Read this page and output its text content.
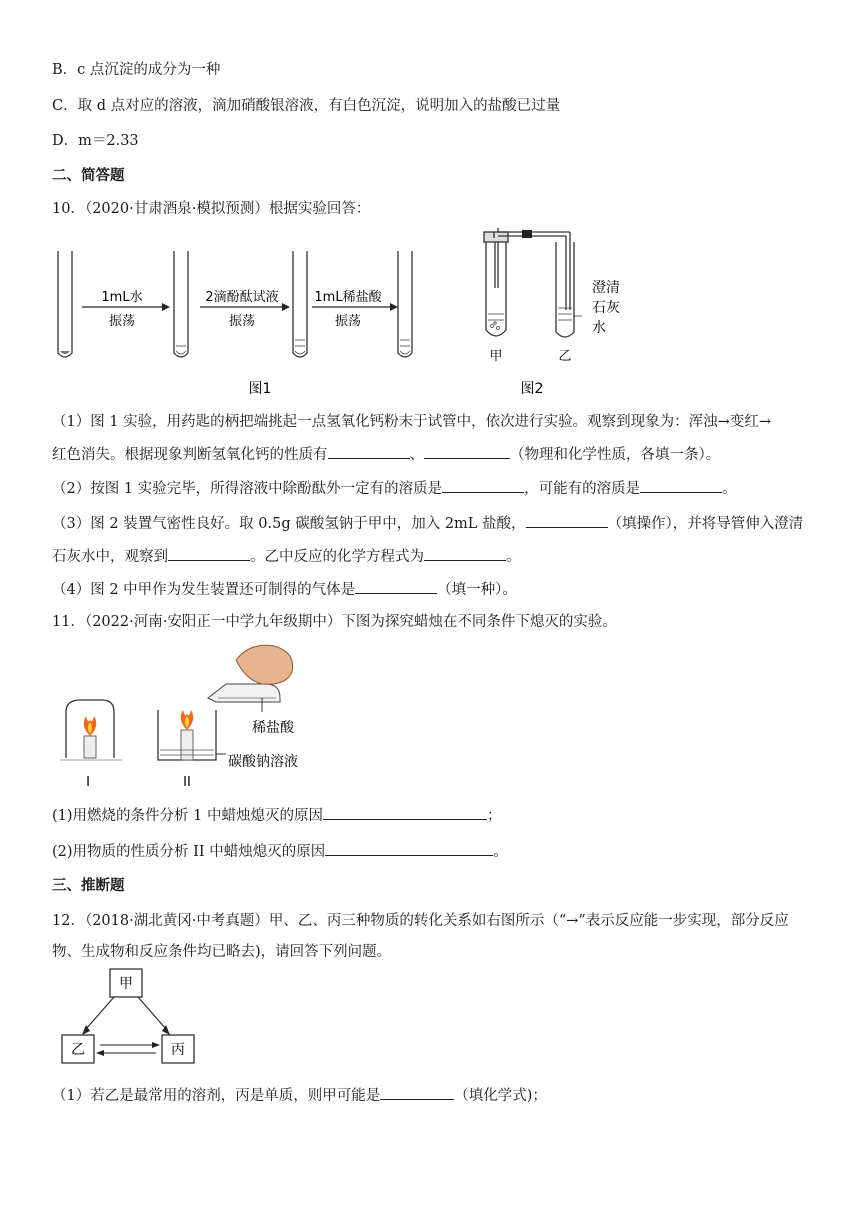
B．c 点沉淀的成分为一种
C．取 d 点对应的溶液，滴加硝酸银溶液，有白色沉淀，说明加入的盐酸已过量
D．m＝2.33
二、简答题
10．（2020·甘肃酒泉·模拟预测）根据实验回答：
1mL水
振荡
2滴酚酞试液
振荡
1mL稀盐酸
振荡
图1
澄清
石灰
水
甲	乙
图2
（1）图 1 实验，用药匙的柄把端挑起一点氢氧化钙粉末于试管中，依次进行实验。观察到现象为：浑浊→变红→
红色消失。根据现象判断氢氧化钙的性质有	、	（物理和化学性质，各填一条）。
（2）按图 1 实验完毕，所得溶液中除酚酞外一定有的溶质是	，可能有的溶质是	。
（3）图 2 装置气密性良好。取 0.5g 碳酸氢钠于甲中，加入 2mL 盐酸，	（填操作），并将导管伸入澄清
石灰水中，观察到	。乙中反应的化学方程式为	。
（4）图 2 中甲作为发生装置还可制得的气体是	（填一种）。
11．（2022·河南·安阳正一中学九年级期中）下图为探究蜡烛在不同条件下熄灭的实验。
稀盐酸
碳酸钠溶液
I	II
(1)用燃烧的条件分析 1 中蜡烛熄灭的原因	；
(2)用物质的性质分析 II 中蜡烛熄灭的原因	。
三、推断题
12．（2018·湖北黄冈·中考真题）甲、乙、丙三种物质的转化关系如右图所示（“→”表示反应能一步实现，部分反应
物、生成物和反应条件均已略去)，请回答下列问题。
甲
乙	丙
（1）若乙是最常用的溶剂，丙是单质，则甲可能是	（填化学式)；
